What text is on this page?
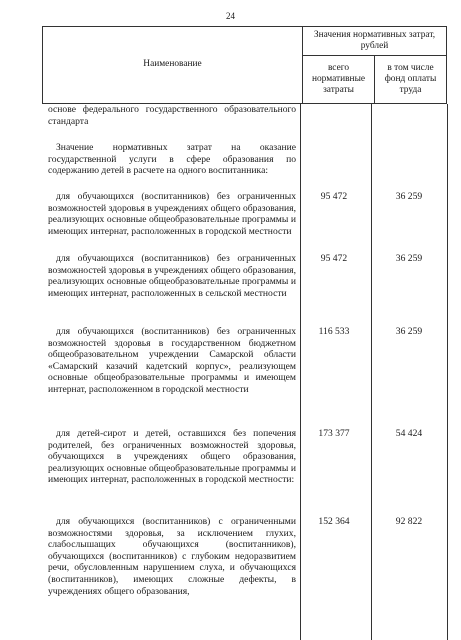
24
Наименование	Значения нормативных затрат, рублей	
	всего нормативные затраты	в том числе фонд оплаты труда
основе федерального государственного образовательного стандарта
Значение нормативных затрат на оказание государственной услуги в сфере образования по содержанию детей в расчете на одного воспитанника:
для обучающихся (воспитанников) без ограниченных возможностей здоровья в учреждениях общего образования, реализующих основные общеобразовательные программы и имеющих интернат, расположенных в городской местности
95 472	36 259
для обучающихся (воспитанников) без ограниченных возможностей здоровья в учреждениях общего образования, реализующих основные общеобразовательные программы и имеющих интернат, расположенных в сельской местности
95 472	36 259
для обучающихся (воспитанников) без ограниченных возможностей здоровья в государственном бюджетном общеобразовательном учреждении Самарской области «Самарский казачий кадетский корпус», реализующем основные общеобразовательные программы и имеющем интернат, расположенном в городской местности
116 533	36 259
для детей-сирот и детей, оставшихся без попечения родителей, без ограниченных возможностей здоровья, обучающихся в учреждениях общего образования, реализующих основные общеобразовательные программы и имеющих интернат, расположенных в городской местности:
173 377	54 424
для обучающихся (воспитанников) с ограниченными возможностями здоровья, за исключением глухих, слабослышащих обучающихся (воспитанников), обучающихся (воспитанников) с глубоким недоразвитием речи, обусловленным нарушением слуха, и обучающихся (воспитанников), имеющих сложные дефекты, в учреждениях общего образования,
152 364	92 822
